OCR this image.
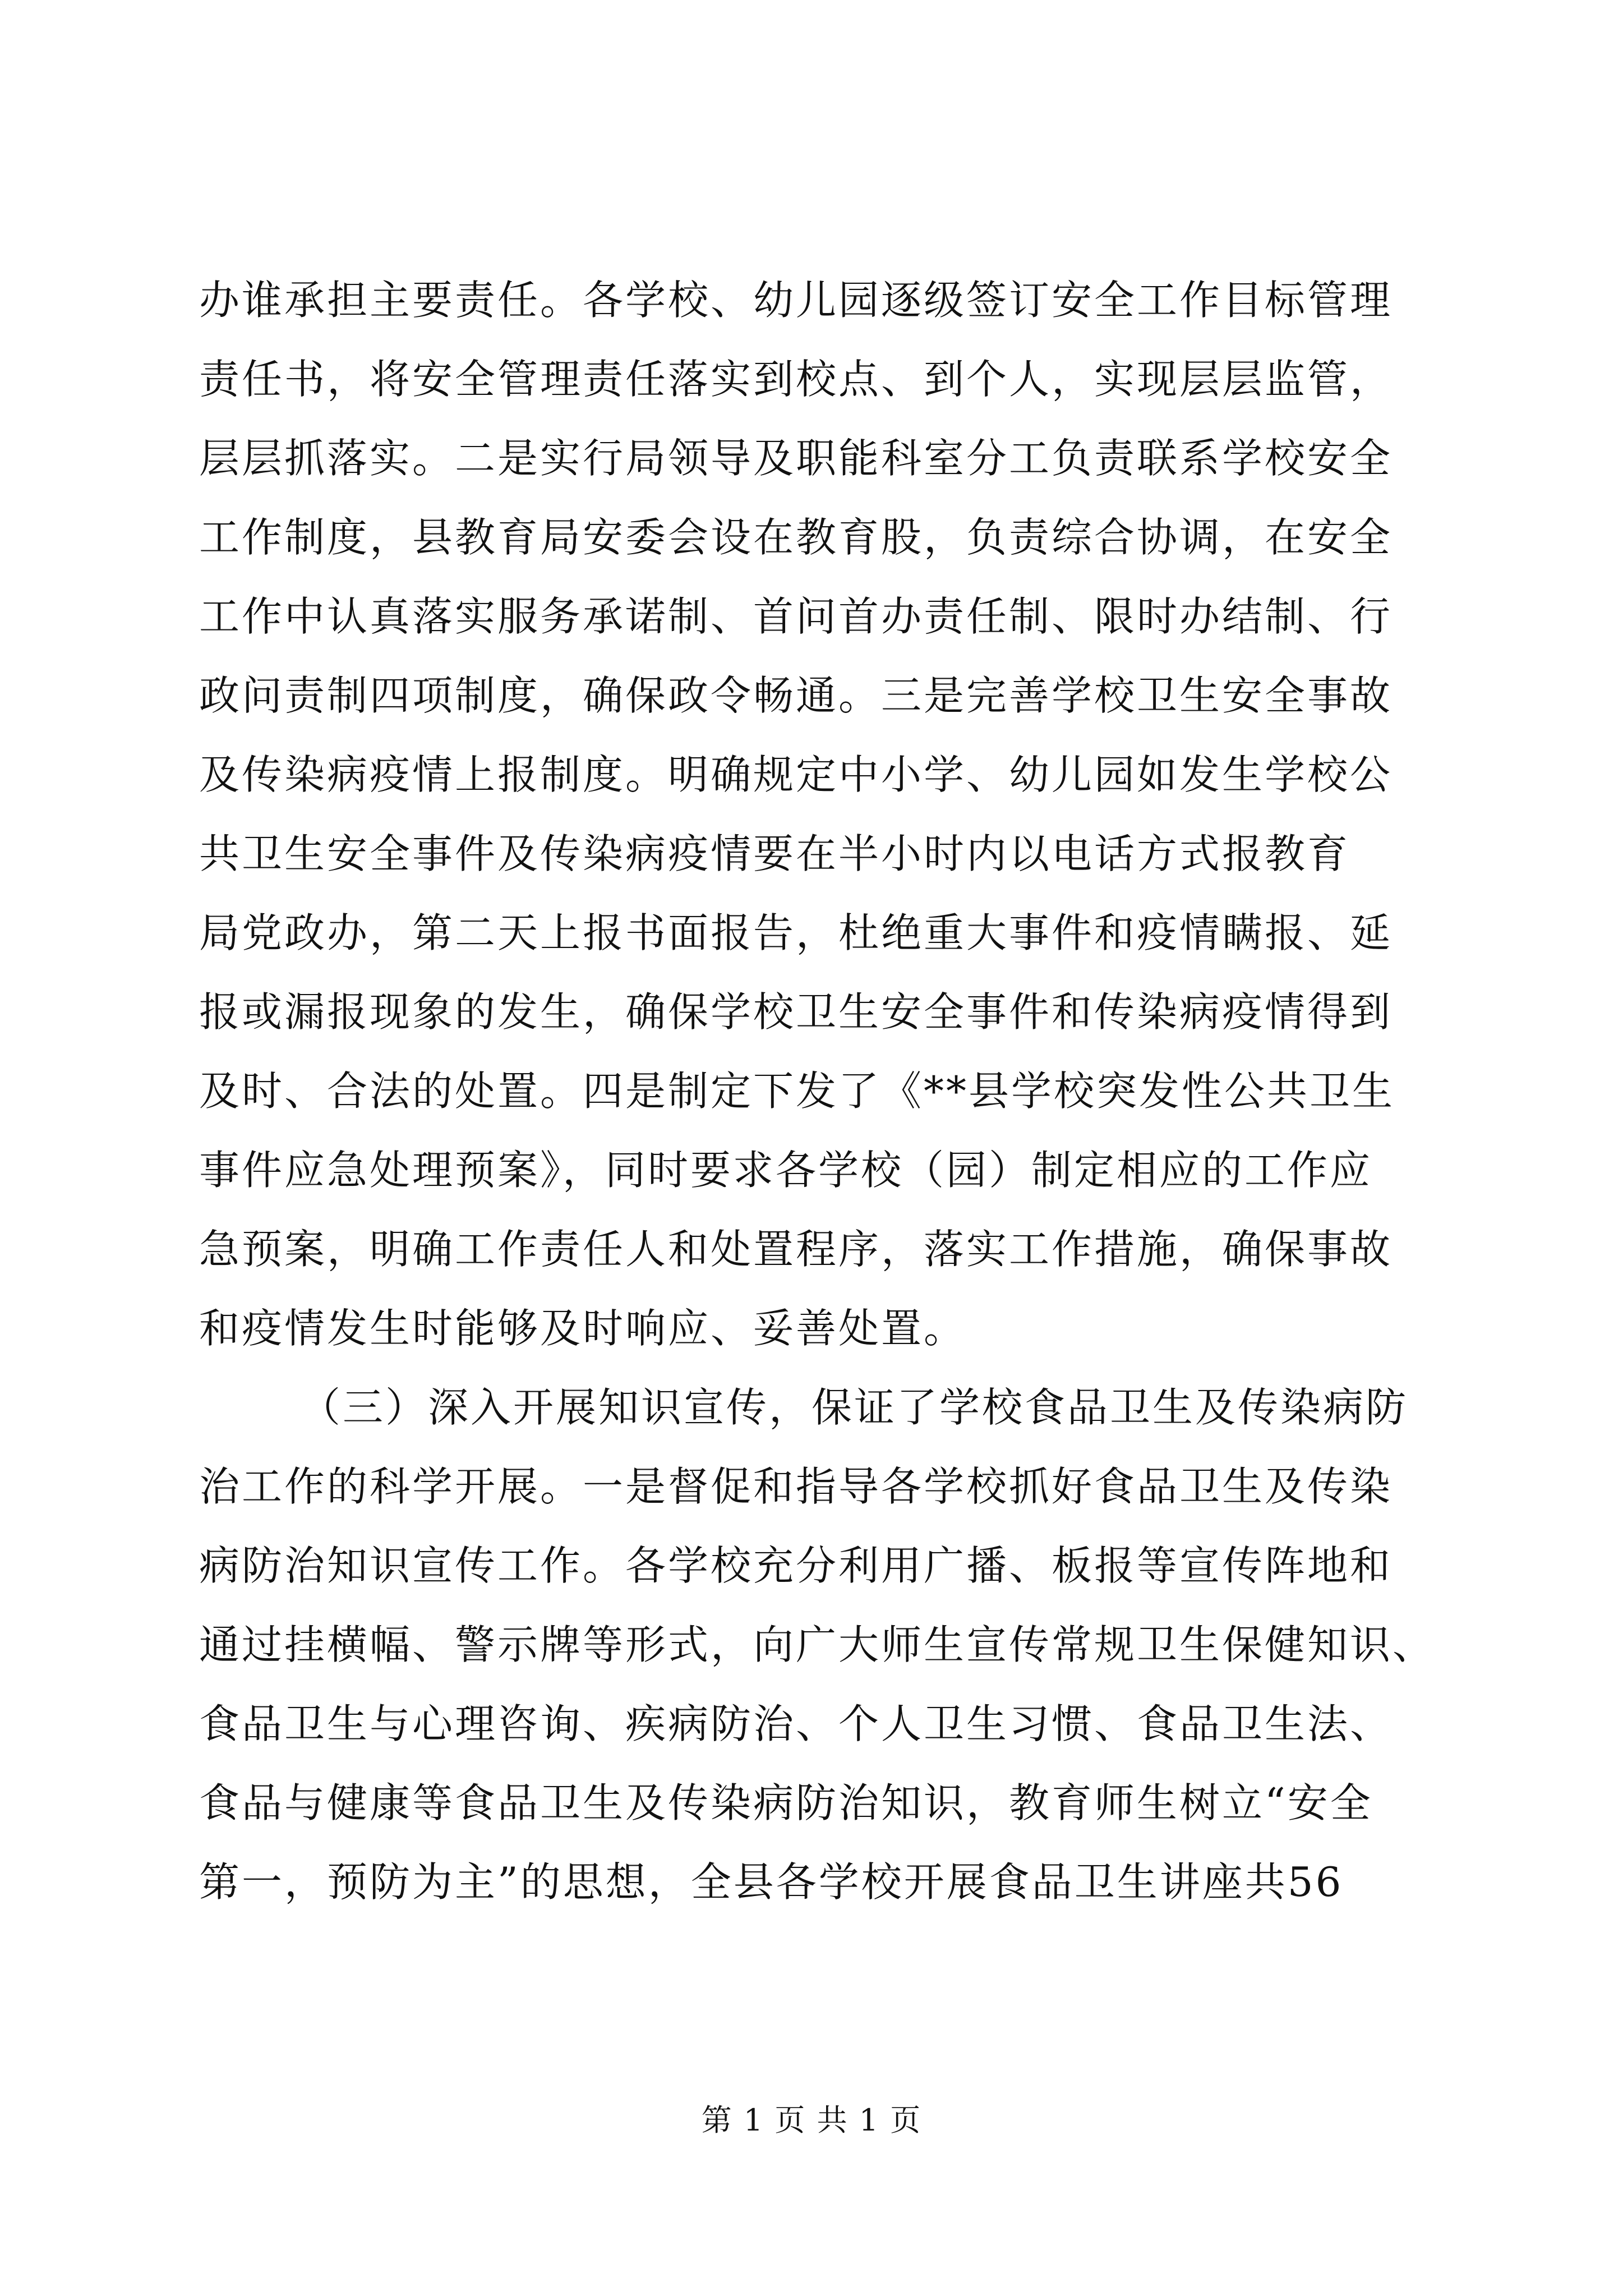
办谁承担主要责任。各学校、幼儿园逐级签订安全工作目标管理
责任书，将安全管理责任落实到校点、到个人，实现层层监管，
层层抓落实。二是实行局领导及职能科室分工负责联系学校安全
工作制度，县教育局安委会设在教育股，负责综合协调，在安全
工作中认真落实服务承诺制、首问首办责任制、限时办结制、行
政问责制四项制度，确保政令畅通。三是完善学校卫生安全事故
及传染病疫情上报制度。明确规定中小学、幼儿园如发生学校公
共卫生安全事件及传染病疫情要在半小时内以电话方式报教育
局党政办，第二天上报书面报告，杜绝重大事件和疫情瞒报、延
报或漏报现象的发生，确保学校卫生安全事件和传染病疫情得到
及时、合法的处置。四是制定下发了《**县学校突发性公共卫生
事件应急处理预案》，同时要求各学校（园）制定相应的工作应
急预案，明确工作责任人和处置程序，落实工作措施，确保事故
和疫情发生时能够及时响应、妥善处置。
（三）深入开展知识宣传，保证了学校食品卫生及传染病防
治工作的科学开展。一是督促和指导各学校抓好食品卫生及传染
病防治知识宣传工作。各学校充分利用广播、板报等宣传阵地和
通过挂横幅、警示牌等形式，向广大师生宣传常规卫生保健知识、
食品卫生与心理咨询、疾病防治、个人卫生习惯、食品卫生法、
食品与健康等食品卫生及传染病防治知识，教育师生树立“安全
第一，预防为主”的思想，全县各学校开展食品卫生讲座共56
第 1 页 共 1 页
